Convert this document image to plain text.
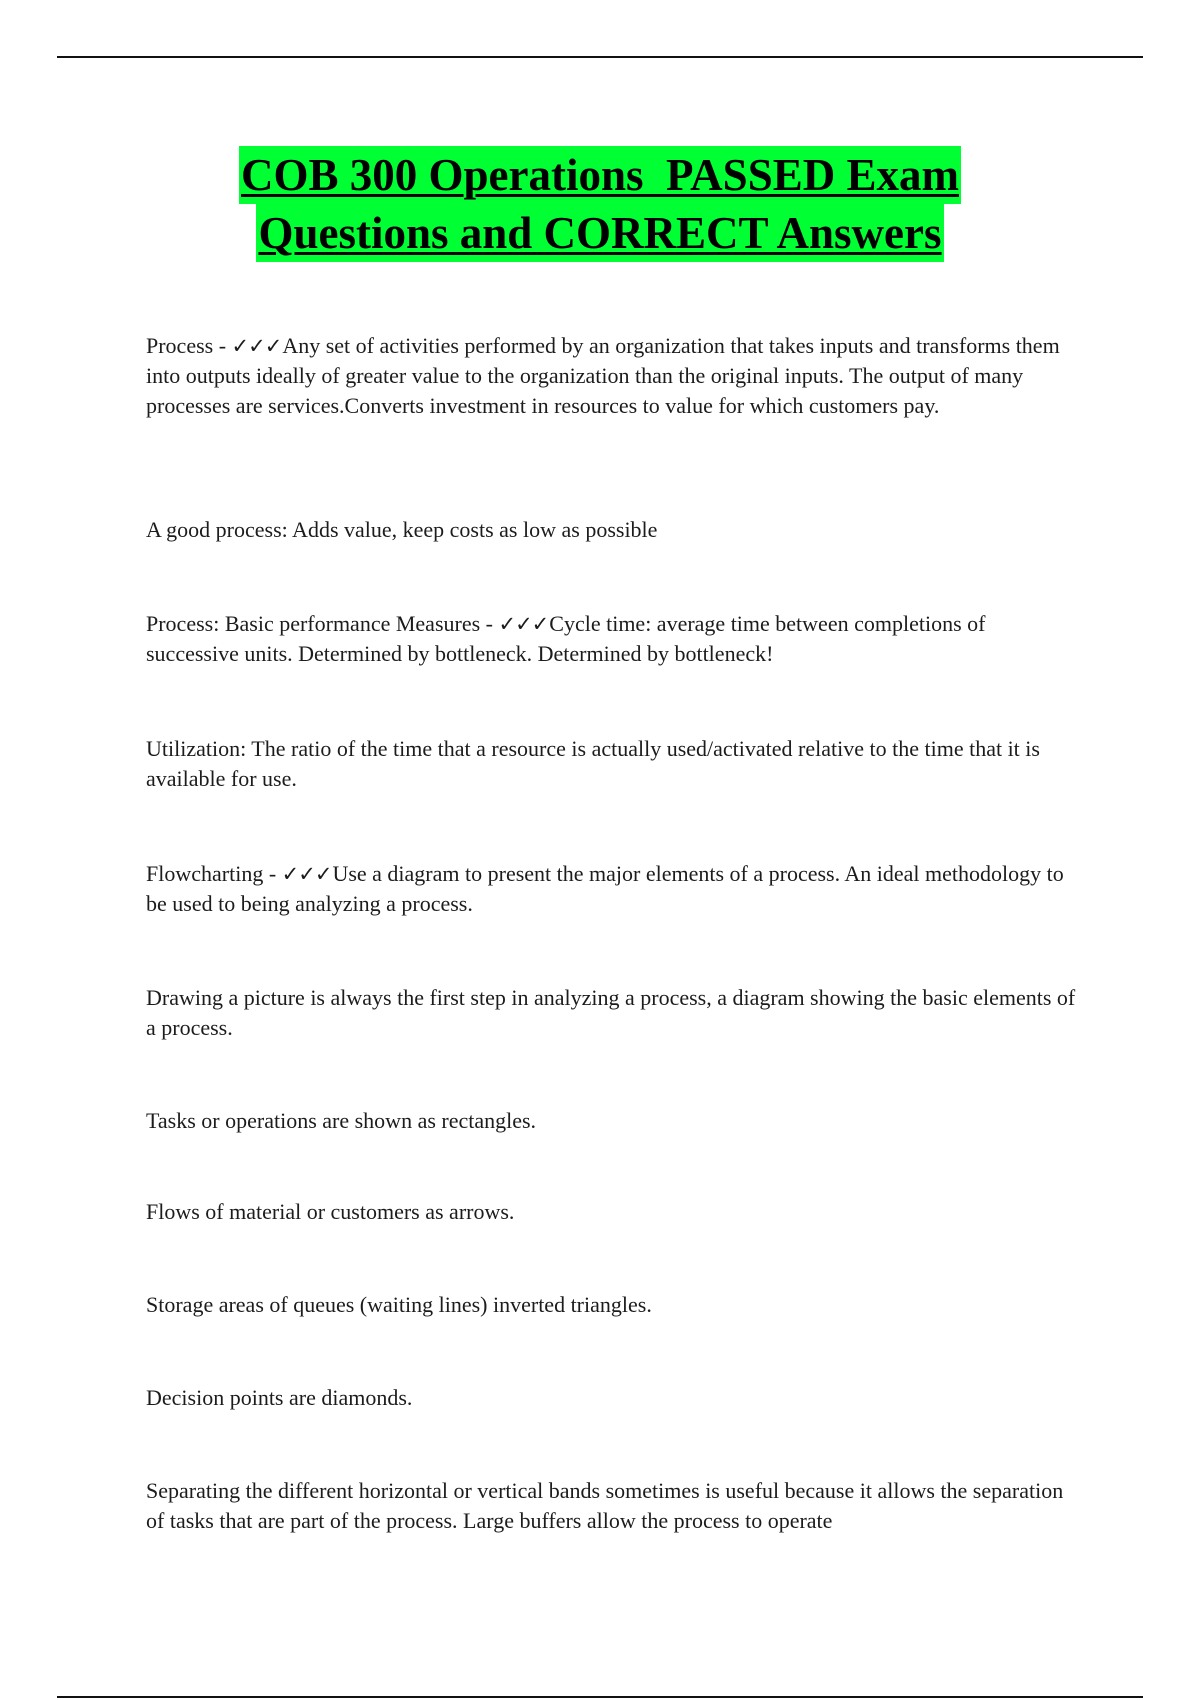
COB 300 Operations  PASSED Exam
Questions and CORRECT Answers

Process - ✓✓✓Any set of activities performed by an organization that takes inputs and transforms them into outputs ideally of greater value to the organization than the original inputs. The output of many processes are services.Converts investment in resources to value for which customers pay.

A good process: Adds value, keep costs as low as possible

Process: Basic performance Measures - ✓✓✓Cycle time: average time between completions of successive units. Determined by bottleneck. Determined by bottleneck!

Utilization: The ratio of the time that a resource is actually used/activated relative to the time that it is available for use.

Flowcharting - ✓✓✓Use a diagram to present the major elements of a process. An ideal methodology to be used to being analyzing a process.

Drawing a picture is always the first step in analyzing a process, a diagram showing the basic elements of a process.

Tasks or operations are shown as rectangles.

Flows of material or customers as arrows.

Storage areas of queues (waiting lines) inverted triangles.

Decision points are diamonds.

Separating the different horizontal or vertical bands sometimes is useful because it allows the separation of tasks that are part of the process. Large buffers allow the process to operate
